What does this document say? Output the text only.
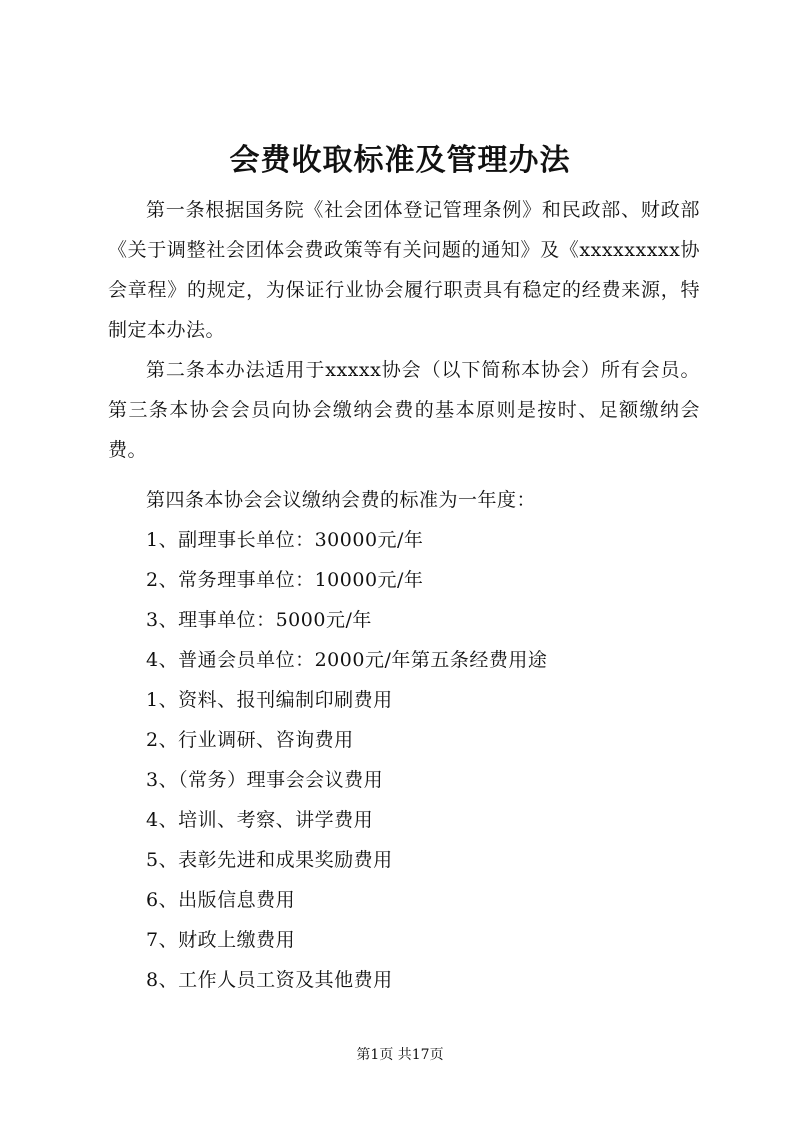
会费收取标准及管理办法

第一条根据国务院《社会团体登记管理条例》和民政部、财政部《关于调整社会团体会费政策等有关问题的通知》及《xxxxxxxxx协会章程》的规定，为保证行业协会履行职责具有稳定的经费来源，特制定本办法。

第二条本办法适用于xxxxx协会（以下简称本协会）所有会员。第三条本协会会员向协会缴纳会费的基本原则是按时、足额缴纳会费。

第四条本协会会议缴纳会费的标准为一年度：

1、副理事长单位：30000元/年

2、常务理事单位：10000元/年

3、理事单位：5000元/年

4、普通会员单位：2000元/年第五条经费用途

1、资料、报刊编制印刷费用

2、行业调研、咨询费用

3、（常务）理事会会议费用

4、培训、考察、讲学费用

5、表彰先进和成果奖励费用

6、出版信息费用

7、财政上缴费用

8、工作人员工资及其他费用

第1页 共17页
